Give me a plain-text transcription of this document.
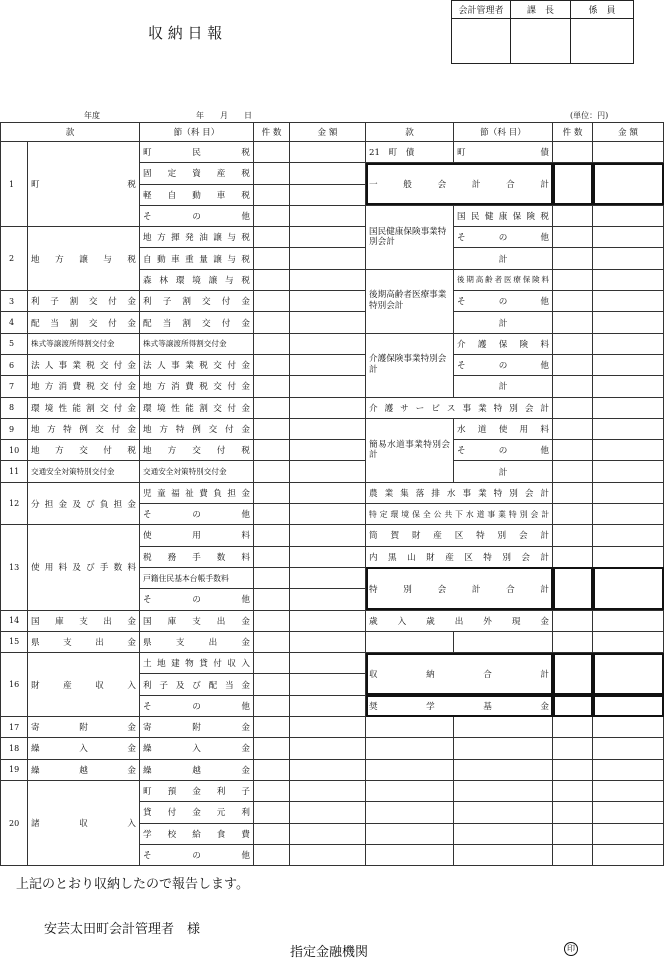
収 納 日 報
会計管理者	課　長	係　員

年度	年　　月　　日	(単位：円)
款		節（科 目）	件 数	金 額	款	節（科 目）	件 数	金 額
1	町　　　　　　　税	町　　民　　税			21　 町　債	町　　　　債		
		固　定　資　産　税			一　般　会　計　合　計			
		軽　自　動　車　税						
		そ　　の　　他			国民健康保険事業特別会計	国民健康保険税		
2	地　方　譲　与　税	地方揮発油譲与税				そ　　の　　他		
		自動車重量譲与税				計		
		森林環境譲与税			後期高齢者医療事業特別会計	後期高齢者医療保険料		
3	利 子 割 交 付 金	利 子 割 交 付 金				そ　　の　　他		
4	配 当 割 交 付 金	配 当 割 交 付 金				計		
5	株式等譲渡所得割交付金	株式等譲渡所得割交付金			介護保険事業特別会計	介　護　保　険　料		
6	法 人 事 業 税 交 付 金	法 人 事 業 税 交 付 金				そ　　の　　他		
7	地 方 消 費 税 交 付 金	地 方 消 費 税 交 付 金				計		
8	環 境 性 能 割 交 付 金	環 境 性 能 割 交 付 金			介護サービス事業特別会計			
9	地 方 特 例 交 付 金	地 方 特 例 交 付 金			簡易水道事業特別会計	水　道　使　用　料		
10	地　方　交　付　税	地　方　交　付　税				そ　　の　　他		
11	交通安全対策特別交付金	交通安全対策特別交付金				計		
12	分担金及び負担金	児童福祉費負担金			農業集落排水事業特別会計			
		そ　　の　　他			特定環境保全公共下水道事業特別会計			
13	使用料及び手数料	使　　用　　料			筒賀財産区特別会計			
		税　務　手　数　料			内黒山財産区特別会計			
		戸籍住民基本台帳手数料			特　別　会　計　合　計			
		そ　　の　　他						
14	国　庫　支　出　金	国　庫　支　出　金			歳入歳出外現金			
15	県　　支　　出　　金	県　　支　　出　　金						
16	財　　産　　収　　入	土地建物貸付収入			収　　納　　合　　計			
		利子及び配当金						
		そ　　の　　他			奨　学　基　金			
17	寄　　　附　　　金	寄　　　附　　　金						
18	繰　　　入　　　金	繰　　　入　　　金						
19	繰　　　越　　　金	繰　　　越　　　金						
20	諸　　　収　　　入	町　預　金　利　子						
		貸　付　金　元　利						
		学　校　給　食　費						
		そ　　の　　他						
上記のとおり収納したので報告します。
安芸太田町会計管理者　様
指定金融機関	印
